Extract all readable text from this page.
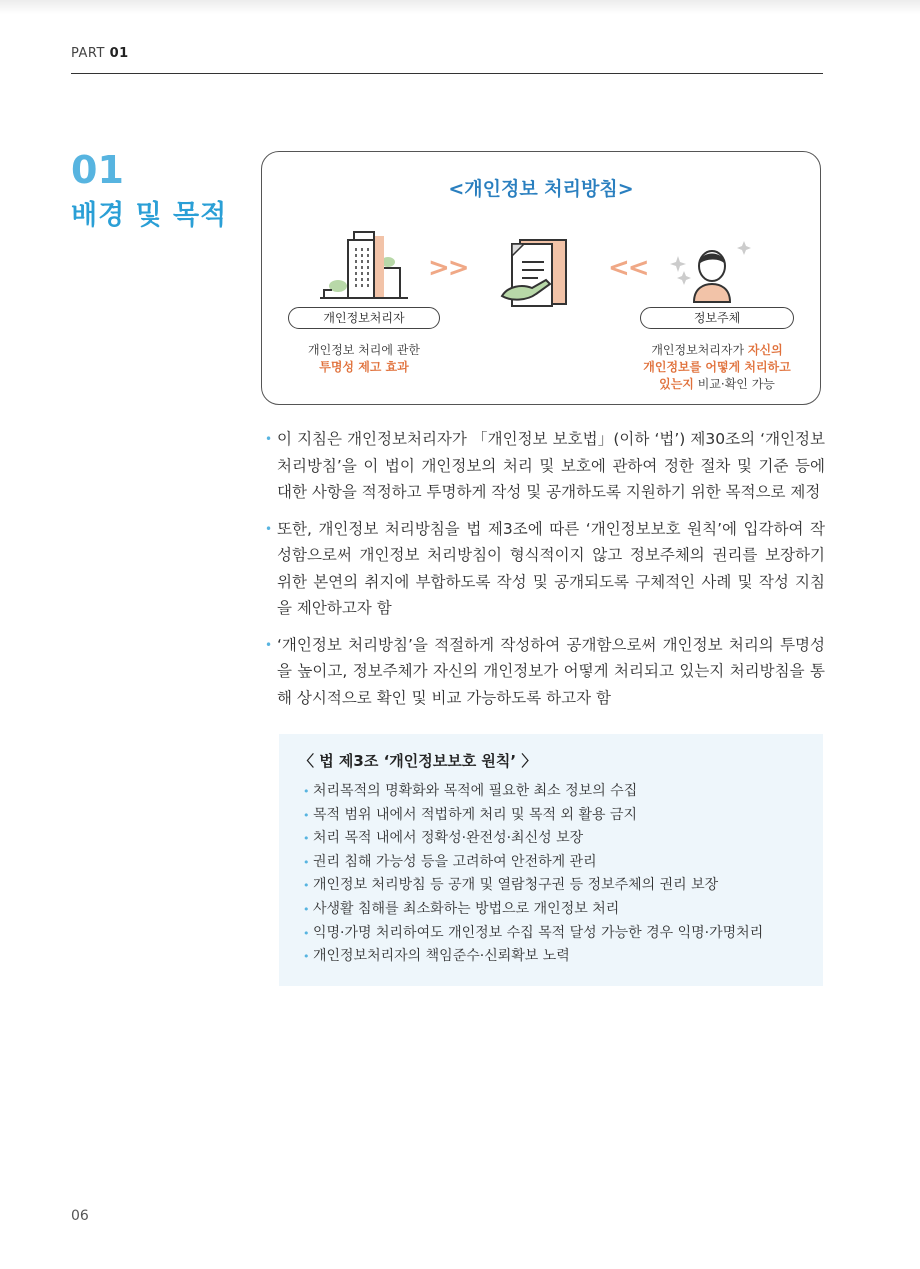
PART 01
01
배경 및 목적
<개인정보 처리방침>
>>	<<
개인정보처리자	정보주체
개인정보 처리에 관한
투명성 제고 효과
개인정보처리자가 자신의
개인정보를 어떻게 처리하고
있는지 비교·확인 가능
• 이 지침은 개인정보처리자가 「개인정보 보호법」(이하 ‘법’) 제30조의 ‘개인정보 처리방침’을 이 법이 개인정보의 처리 및 보호에 관하여 정한 절차 및 기준 등에 대한 사항을 적정하고 투명하게 작성 및 공개하도록 지원하기 위한 목적으로 제정
• 또한, 개인정보 처리방침을 법 제3조에 따른 ‘개인정보보호 원칙’에 입각하여 작성함으로써 개인정보 처리방침이 형식적이지 않고 정보주체의 권리를 보장하기 위한 본연의 취지에 부합하도록 작성 및 공개되도록 구체적인 사례 및 작성 지침을 제안하고자 함
• ‘개인정보 처리방침’을 적절하게 작성하여 공개함으로써 개인정보 처리의 투명성을 높이고, 정보주체가 자신의 개인정보가 어떻게 처리되고 있는지 처리방침을 통해 상시적으로 확인 및 비교 가능하도록 하고자 함
〈 법 제3조 ‘개인정보보호 원칙’ 〉
• 처리목적의 명확화와 목적에 필요한 최소 정보의 수집
• 목적 범위 내에서 적법하게 처리 및 목적 외 활용 금지
• 처리 목적 내에서 정확성·완전성·최신성 보장
• 권리 침해 가능성 등을 고려하여 안전하게 관리
• 개인정보 처리방침 등 공개 및 열람청구권 등 정보주체의 권리 보장
• 사생활 침해를 최소화하는 방법으로 개인정보 처리
• 익명·가명 처리하여도 개인정보 수집 목적 달성 가능한 경우 익명·가명처리
• 개인정보처리자의 책임준수·신뢰확보 노력
06
